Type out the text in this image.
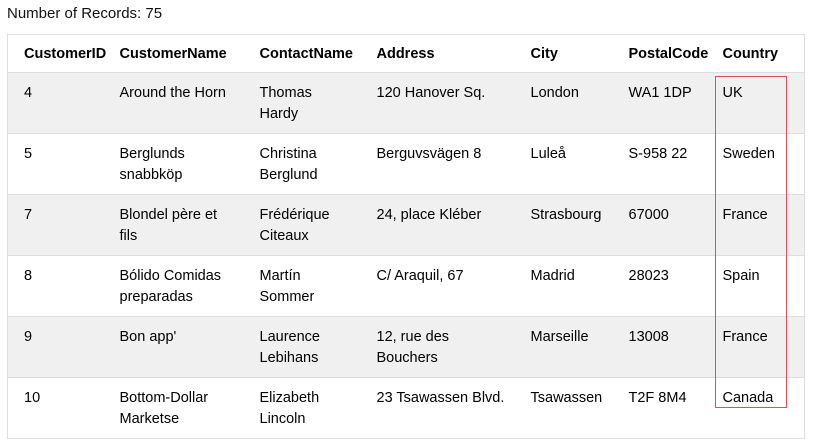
Number of Records: 75
CustomerID	CustomerName	ContactName	Address	City	PostalCode	Country
4	Around the Horn	Thomas Hardy	120 Hanover Sq.	London	WA1 1DP	UK
5	Berglunds snabbköp	Christina Berglund	Berguvsvägen 8	Luleå	S-958 22	Sweden
7	Blondel père et fils	Frédérique Citeaux	24, place Kléber	Strasbourg	67000	France
8	Bólido Comidas preparadas	Martín Sommer	C/ Araquil, 67	Madrid	28023	Spain
9	Bon app'	Laurence Lebihans	12, rue des Bouchers	Marseille	13008	France
10	Bottom-Dollar Marketse	Elizabeth Lincoln	23 Tsawassen Blvd.	Tsawassen	T2F 8M4	Canada
